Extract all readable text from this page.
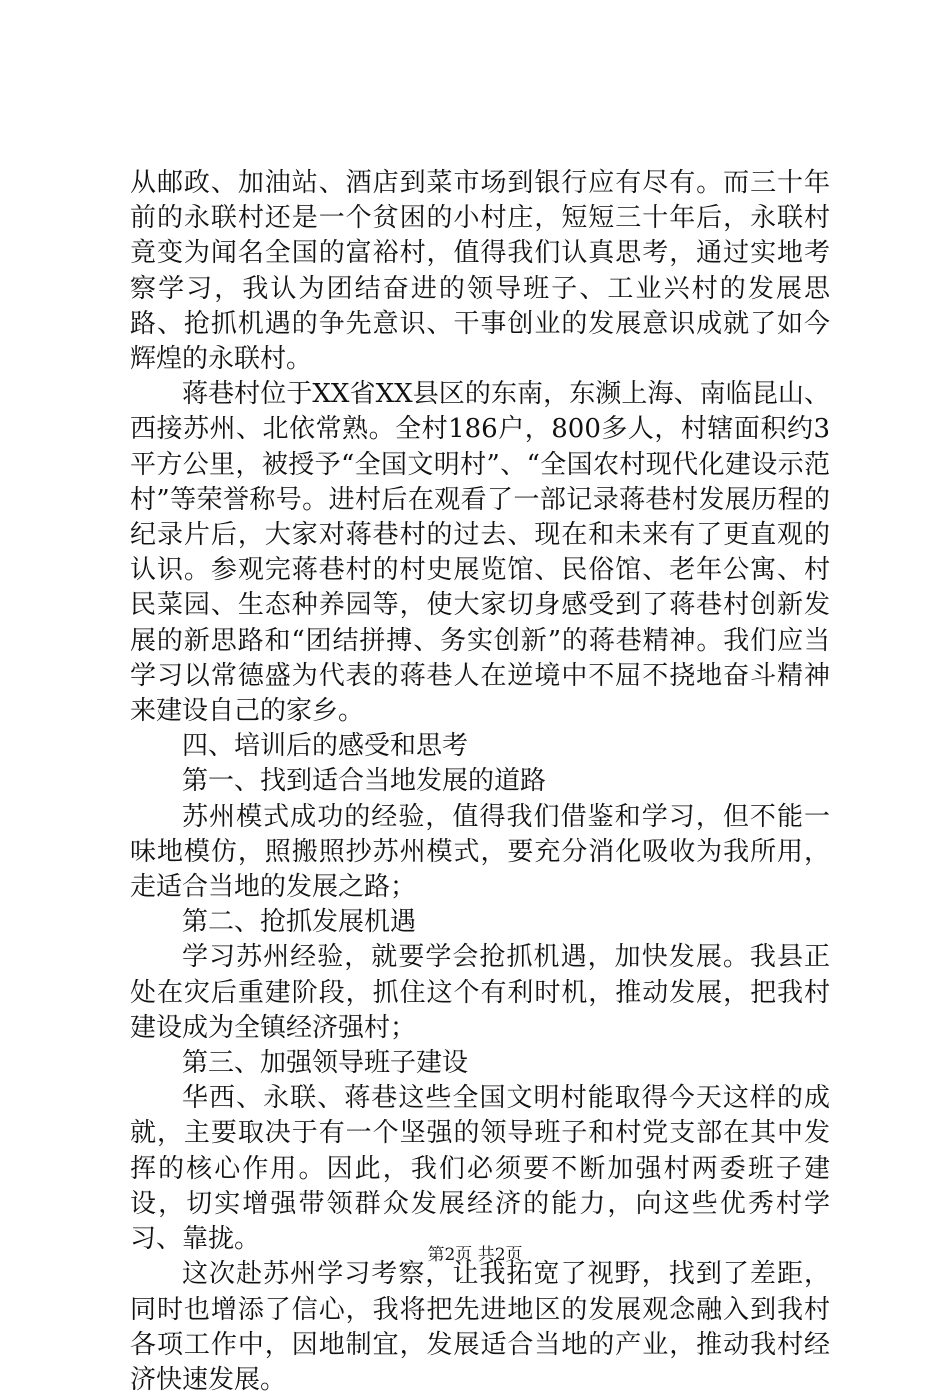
从邮政、加油站、酒店到菜市场到银行应有尽有。而三十年前的永联村还是一个贫困的小村庄，短短三十年后，永联村竟变为闻名全国的富裕村，值得我们认真思考，通过实地考察学习，我认为团结奋进的领导班子、工业兴村的发展思路、抢抓机遇的争先意识、干事创业的发展意识成就了如今辉煌的永联村。

蒋巷村位于XX省XX县区的东南，东濒上海、南临昆山、西接苏州、北依常熟。全村186户，800多人，村辖面积约3平方公里，被授予“全国文明村”、“全国农村现代化建设示范村”等荣誉称号。进村后在观看了一部记录蒋巷村发展历程的纪录片后，大家对蒋巷村的过去、现在和未来有了更直观的认识。参观完蒋巷村的村史展览馆、民俗馆、老年公寓、村民菜园、生态种养园等，使大家切身感受到了蒋巷村创新发展的新思路和“团结拼搏、务实创新”的蒋巷精神。我们应当学习以常德盛为代表的蒋巷人在逆境中不屈不挠地奋斗精神来建设自己的家乡。

四、培训后的感受和思考

第一、找到适合当地发展的道路

苏州模式成功的经验，值得我们借鉴和学习，但不能一味地模仿，照搬照抄苏州模式，要充分消化吸收为我所用，走适合当地的发展之路；

第二、抢抓发展机遇

学习苏州经验，就要学会抢抓机遇，加快发展。我县正处在灾后重建阶段，抓住这个有利时机，推动发展，把我村建设成为全镇经济强村；

第三、加强领导班子建设

华西、永联、蒋巷这些全国文明村能取得今天这样的成就，主要取决于有一个坚强的领导班子和村党支部在其中发挥的核心作用。因此，我们必须要不断加强村两委班子建设，切实增强带领群众发展经济的能力，向这些优秀村学习、靠拢。

这次赴苏州学习考察，让我拓宽了视野，找到了差距，同时也增添了信心，我将把先进地区的发展观念融入到我村各项工作中，因地制宜，发展适合当地的产业，推动我村经济快速发展。

第2页 共2页
